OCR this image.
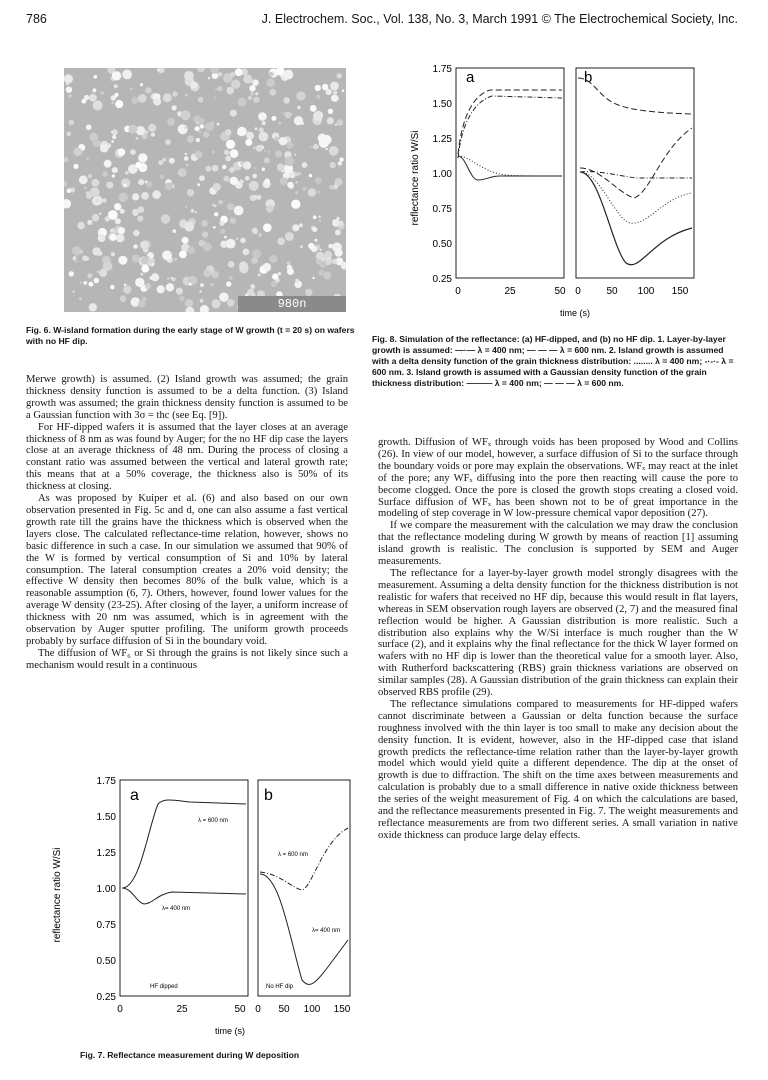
786	J. Electrochem. Soc., Vol. 138, No. 3, March 1991 © The Electrochemical Society, Inc.
980n
Fig. 6. W-island formation during the early stage of W growth (t = 20 s) on wafers with no HF dip.
reflectance ratio W/Si
1.75
1.50
1.25
1.00
0.75
0.50
0.25
a	b
0	25	50 0	50 100 150
time (s)
Fig. 8. Simulation of the reflectance: (a) HF-dipped, and (b) no HF dip. 1. Layer-by-layer growth is assumed: —·— λ = 400 nm; — — — λ = 600 nm. 2. Island growth is assumed with a delta density function of the grain thickness distribution: ........ λ = 400 nm; -·-·- λ = 600 nm. 3. Island growth is assumed with a Gaussian density function of the grain thickness distribution: ——— λ = 400 nm; — — — λ = 600 nm.

Merwe growth) is assumed. (2) Island growth was assumed; the grain thickness density function is assumed to be a delta function. (3) Island growth was assumed; the grain thickness density function is assumed to be a Gaussian function with 3σ = thc (see Eq. [9]).

For HF-dipped wafers it is assumed that the layer closes at an average thickness of 8 nm as was found by Auger; for the no HF dip case the layers close at an average thickness of 48 nm. During the process of closing a constant ratio was assumed between the vertical and lateral growth rate; this means that at a 50% coverage, the thickness also is 50% of its thickness at closing.

As was proposed by Kuiper et al. (6) and also based on our own observation presented in Fig. 5c and d, one can also assume a fast vertical growth rate till the grains have the thickness which is observed when the layers close. The calculated reflectance-time relation, however, shows no basic difference in such a case. In our simulation we assumed that 90% of the W is formed by vertical consumption of Si and 10% by lateral consumption. The lateral consumption creates a 20% void density; the effective W density then becomes 80% of the bulk value, which is a reasonable assumption (6, 7). Others, however, found lower values for the average W density (23-25). After closing of the layer, a uniform increase of thickness with 20 nm was assumed, which is in agreement with the observation by Auger sputter profiling. The uniform growth proceeds probably by surface diffusion of Si in the boundary void.

The diffusion of WF₆ or Si through the grains is not likely since such a mechanism would result in a continuous

reflectance ratio W/Si
1.75
1.50
1.25
1.00
0.75
0.50
0.25
a	b
λ = 600 nm
λ= 400 nm
HF dipped
λ = 600 nm
λ= 400 nm
No HF dip
0	25	50 0 50 100 150
time (s)
Fig. 7. Reflectance measurement during W deposition

growth. Diffusion of WFₓ through voids has been proposed by Wood and Collins (26). In view of our model, however, a surface diffusion of Si to the surface through the boundary voids or pore may explain the observations. WFₓ may react at the inlet of the pore; any WFₓ diffusing into the pore then reacting will cause the pore to become clogged. Once the pore is closed the growth stops creating a closed void. Surface diffusion of WFₓ has been shown not to be of great importance in the modeling of step coverage in W low-pressure chemical vapor deposition (27).

If we compare the measurement with the calculation we may draw the conclusion that the reflectance modeling during W growth by means of reaction [1] assuming island growth is realistic. The conclusion is supported by SEM and Auger measurements.

The reflectance for a layer-by-layer growth model strongly disagrees with the measurement. Assuming a delta density function for the thickness distribution is not realistic for wafers that received no HF dip, because this would result in flat layers, whereas in SEM observation rough layers are observed (2, 7) and the measured final reflection would be higher. A Gaussian distribution is more realistic. Such a distribution also explains why the W/Si interface is much rougher than the W surface (2), and it explains why the final reflectance for the thick W layer formed on wafers with no HF dip is lower than the theoretical value for a smooth layer. Also, with Rutherford backscattering (RBS) grain thickness variations are observed on similar samples (28). A Gaussian distribution of the grain thickness can explain their observed RBS profile (29).

The reflectance simulations compared to measurements for HF-dipped wafers cannot discriminate between a Gaussian or delta function because the surface roughness involved with the thin layer is too small to make any decision about the density function. It is evident, however, also in the HF-dipped case that island growth predicts the reflectance-time relation rather than the layer-by-layer growth model which would yield quite a different dependence. The dip at the onset of growth is due to diffraction. The shift on the time axes between measurements and calculation is probably due to a small difference in native oxide thickness between the series of the weight measurement of Fig. 4 on which the calculations are based, and the reflectance measurements presented in Fig. 7. The weight measurements and reflectance measurements are from two different series. A small variation in native oxide thickness can produce large delay effects.
